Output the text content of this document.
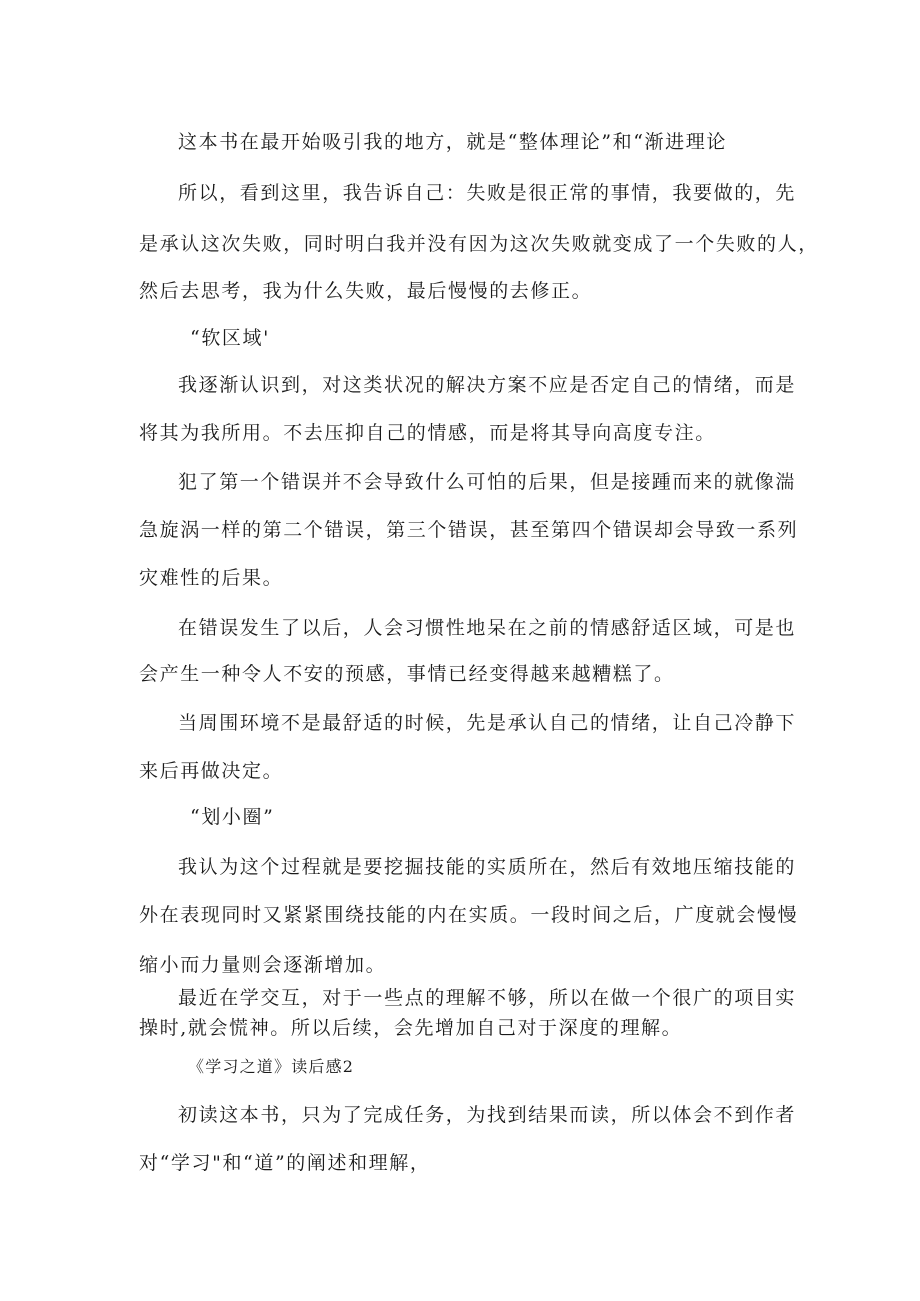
这本书在最开始吸引我的地方，就是“整体理论”和“渐进理论
所以，看到这里，我告诉自己：失败是很正常的事情，我要做的，先
是承认这次失败，同时明白我并没有因为这次失败就变成了一个失败的人，
然后去思考，我为什么失败，最后慢慢的去修正。
“软区域'
我逐渐认识到，对这类状况的解决方案不应是否定自己的情绪，而是
将其为我所用。不去压抑自己的情感，而是将其导向高度专注。
犯了第一个错误并不会导致什么可怕的后果，但是接踵而来的就像湍
急旋涡一样的第二个错误，第三个错误，甚至第四个错误却会导致一系列
灾难性的后果。
在错误发生了以后，人会习惯性地呆在之前的情感舒适区域，可是也
会产生一种令人不安的预感，事情已经变得越来越糟糕了。
当周围环境不是最舒适的时候，先是承认自己的情绪，让自己冷静下
来后再做决定。
“划小圈”
我认为这个过程就是要挖掘技能的实质所在，然后有效地压缩技能的
外在表现同时又紧紧围绕技能的内在实质。一段时间之后，广度就会慢慢
缩小而力量则会逐渐增加。
最近在学交互，对于一些点的理解不够，所以在做一个很广的项目实
操时,就会慌神。所以后续，会先增加自己对于深度的理解。
《学习之道》读后感2
初读这本书，只为了完成任务，为找到结果而读，所以体会不到作者
对“学习"和“道”的阐述和理解，
